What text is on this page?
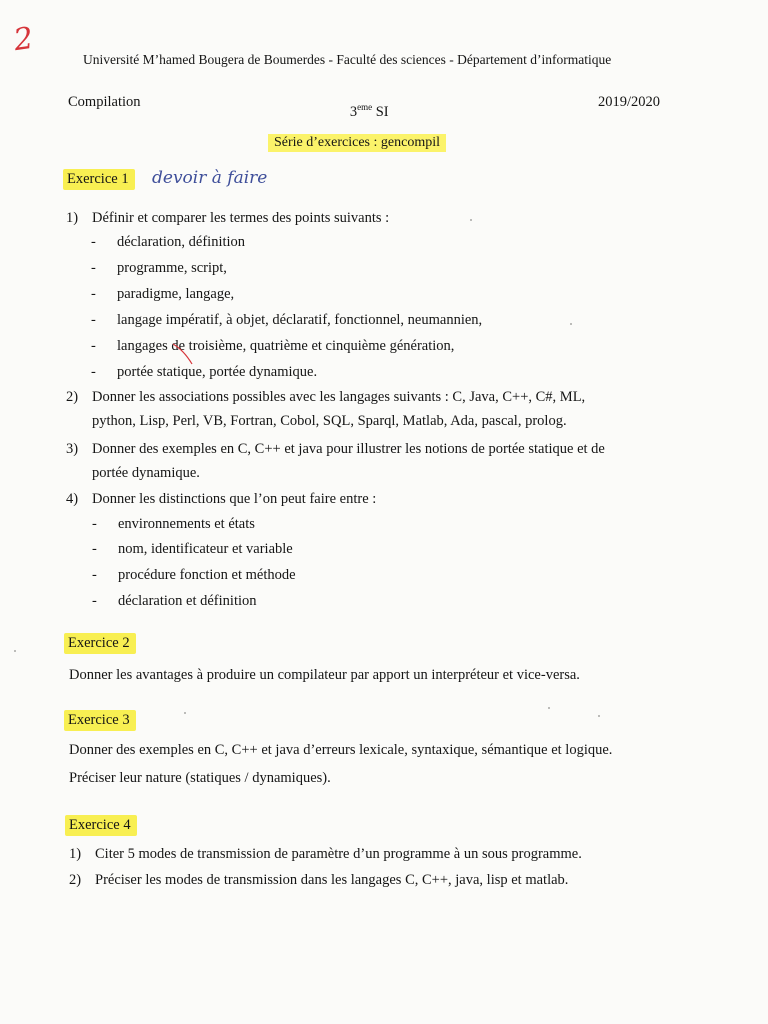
2
Université M’hamed Bougera de Boumerdes - Faculté des sciences - Département d’informatique
Compilation
3eme SI
2019/2020
Série d’exercices : gencompil
Exercice 1	devoir à faire
1) Définir et comparer les termes des points suivants :
- déclaration, définition
- programme, script,
- paradigme, langage,
- langage impératif, à objet, déclaratif, fonctionnel, neumannien,
- langages de troisième, quatrième et cinquième génération,
- portée statique, portée dynamique.
2) Donner les associations possibles avec les langages suivants : C, Java, C++, C#, ML,
python, Lisp, Perl, VB, Fortran, Cobol, SQL, Sparql, Matlab, Ada, pascal, prolog.
3) Donner des exemples en C, C++ et java pour illustrer les notions de portée statique et de
portée dynamique.
4) Donner les distinctions que l’on peut faire entre :
- environnements et états
- nom, identificateur et variable
- procédure fonction et méthode
- déclaration et définition
Exercice 2
Donner les avantages à produire un compilateur par apport un interpréteur et vice-versa.
Exercice 3
Donner des exemples en C, C++ et java d’erreurs lexicale, syntaxique, sémantique et logique.
Préciser leur nature (statiques / dynamiques).
Exercice 4
1) Citer 5 modes de transmission de paramètre d’un programme à un sous programme.
2) Préciser les modes de transmission dans les langages C, C++, java, lisp et matlab.
